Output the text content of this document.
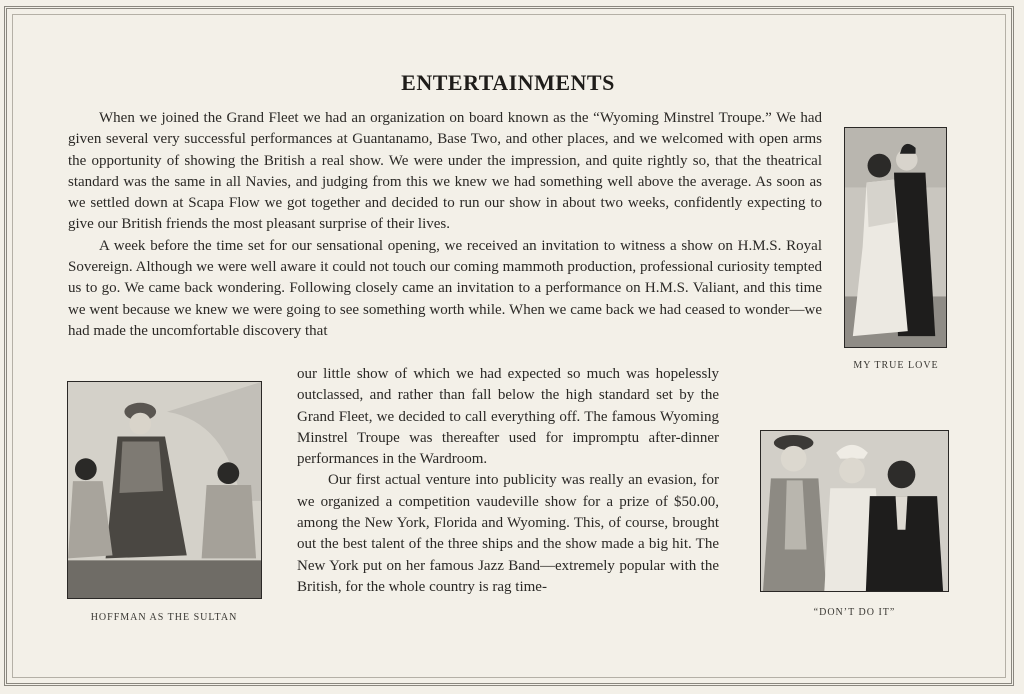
ENTERTAINMENTS

When we joined the Grand Fleet we had an organization on board known as the “Wyoming Minstrel Troupe.” We had given several very successful performances at Guantanamo, Base Two, and other places, and we welcomed with open arms the opportunity of showing the British a real show. We were under the impression, and quite rightly so, that the theatrical standard was the same in all Navies, and judging from this we knew we had something well above the average. As soon as we settled down at Scapa Flow we got together and decided to run our show in about two weeks, confidently expecting to give our British friends the most pleasant surprise of their lives.

A week before the time set for our sensational opening, we received an invitation to witness a show on H.M.S. Royal Sovereign. Although we were well aware it could not touch our coming mammoth production, professional curiosity tempted us to go. We came back wondering. Following closely came an invitation to a performance on H.M.S. Valiant, and this time we went because we knew we were going to see something worth while. When we came back we had ceased to wonder—we had made the uncomfortable discovery that

our little show of which we had expected so much was hopelessly outclassed, and rather than fall below the high standard set by the Grand Fleet, we decided to call everything off. The famous Wyoming Minstrel Troupe was thereafter used for impromptu after-dinner performances in the Wardroom.

Our first actual venture into publicity was really an evasion, for we organized a competition vaudeville show for a prize of $50.00, among the New York, Florida and Wyoming. This, of course, brought out the best talent of the three ships and the show made a big hit. The New York put on her famous Jazz Band—extremely popular with the British, for the whole country is rag time-

MY TRUE LOVE
HOFFMAN AS THE SULTAN	“DON’T DO IT”
